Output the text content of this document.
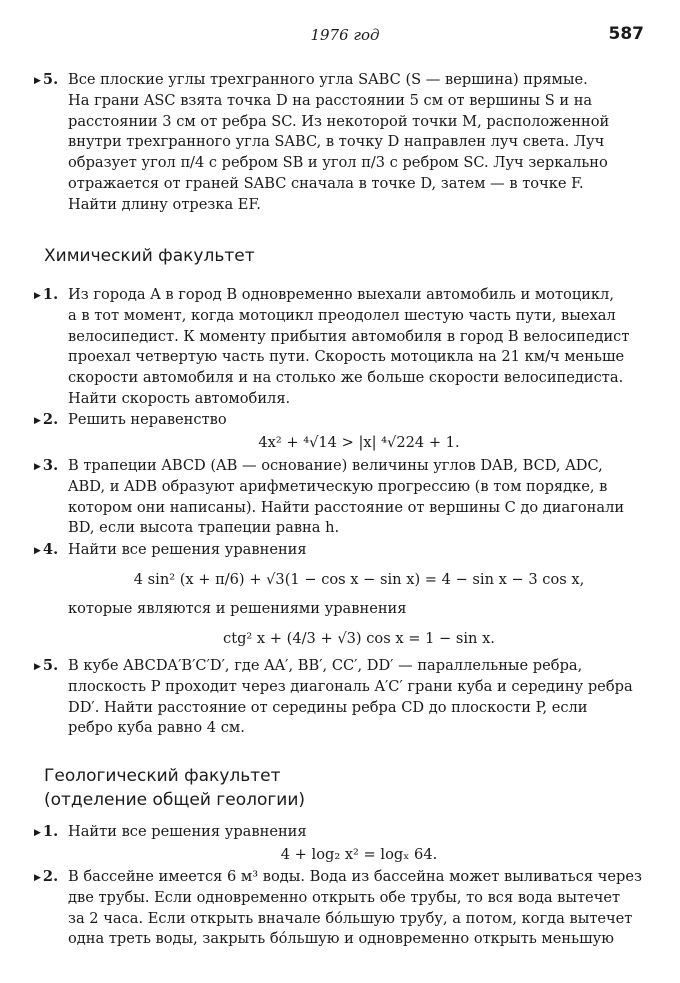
1976 год	587
▶ 5. Все плоские углы трехгранного угла SABC (S — вершина) прямые.
На грани ASC взята точка D на расстоянии 5 см от вершины S и на
расстоянии 3 см от ребра SC. Из некоторой точки M, расположенной
внутри трехгранного угла SABC, в точку D направлен луч света. Луч
образует угол π/4 с ребром SB и угол π/3 с ребром SC. Луч зеркально
отражается от граней SABC сначала в точке D, затем — в точке F.
Найти длину отрезка EF.
Химический факультет
▶ 1. Из города A в город B одновременно выехали автомобиль и мотоцикл,
а в тот момент, когда мотоцикл преодолел шестую часть пути, выехал
велосипедист. К моменту прибытия автомобиля в город B велосипедист
проехал четвертую часть пути. Скорость мотоцикла на 21 км/ч меньше
скорости автомобиля и на столько же больше скорости велосипедиста.
Найти скорость автомобиля.
▶ 2. Решить неравенство
4x² + ⁴√14 > |x| ⁴√224 + 1.
▶ 3. В трапеции ABCD (AB — основание) величины углов DAB, BCD, ADC,
ABD, и ADB образуют арифметическую прогрессию (в том порядке, в
котором они написаны). Найти расстояние от вершины C до диагонали
BD, если высота трапеции равна h.
▶ 4. Найти все решения уравнения
4 sin² (x + π/6) + √3(1 − cos x − sin x) = 4 − sin x − 3 cos x,
которые являются и решениями уравнения
ctg² x + (4/3 + √3) cos x = 1 − sin x.
▶ 5. В кубе ABCDA′B′C′D′, где AA′, BB′, CC′, DD′ — параллельные ребра,
плоскость P проходит через диагональ A′C′ грани куба и середину ребра
DD′. Найти расстояние от середины ребра CD до плоскости P, если
ребро куба равно 4 см.
Геологический факультет
(отделение общей геологии)
▶ 1. Найти все решения уравнения
4 + log₂ x² = logₓ 64.
▶ 2. В бассейне имеется 6 м³ воды. Вода из бассейна может выливаться через
две трубы. Если одновременно открыть обе трубы, то вся вода вытечет
за 2 часа. Если открыть вначале бо́льшую трубу, а потом, когда вытечет
одна треть воды, закрыть бо́льшую и одновременно открыть меньшую
